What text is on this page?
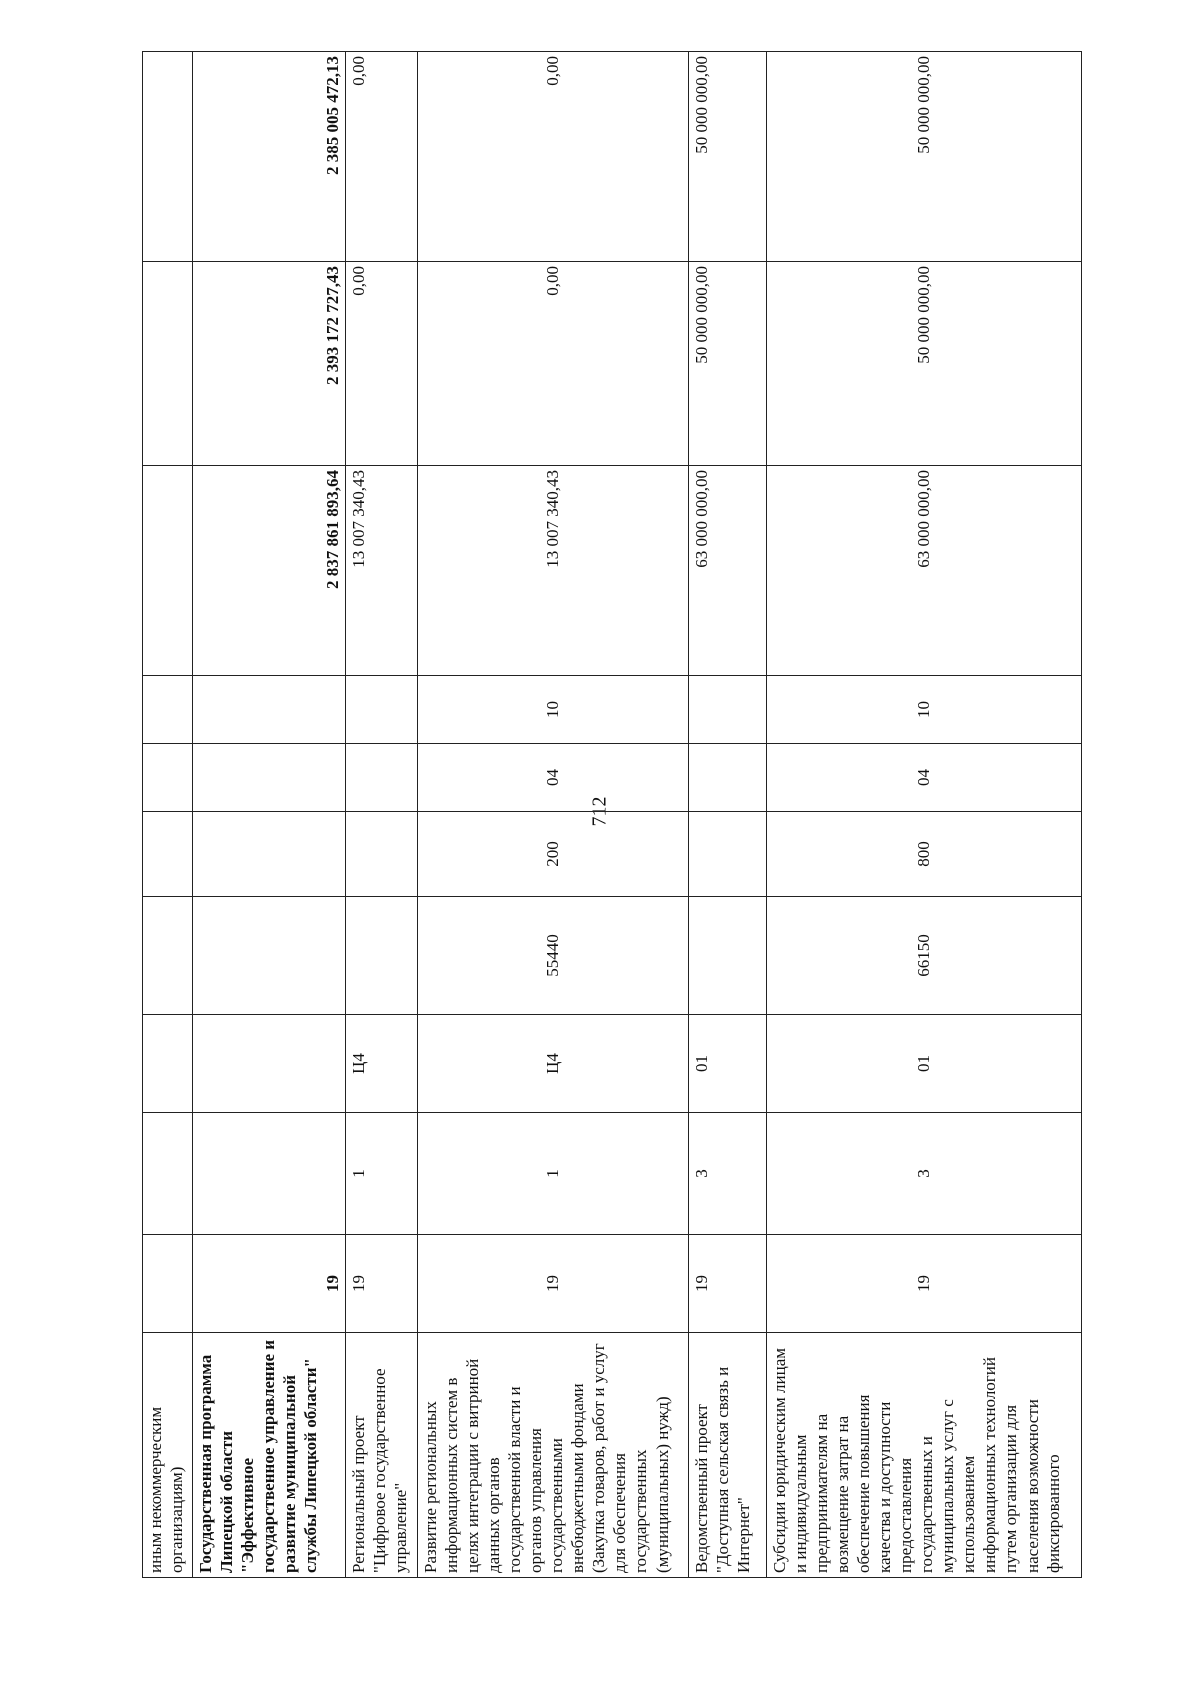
712
иным некоммерческим организациям)										
Государственная программа Липецкой области "Эффективное государственное управление и развитие муниципальной службы Липецкой области"	19							2 837 861 893,64	2 393 172 727,43	2 385 005 472,13
Региональный проект "Цифровое государственное управление"	19	1	Ц4					13 007 340,43	0,00	0,00
Развитие региональных информационных систем в целях интеграции с витриной данных органов государственной власти и органов управления государственными внебюджетными фондами (Закупка товаров, работ и услуг для обеспечения государственных (муниципальных) нужд)	19	1	Ц4	55440	200	04	10	13 007 340,43	0,00	0,00
Ведомственный проект "Доступная сельская связь и Интернет"	19	3	01					63 000 000,00	50 000 000,00	50 000 000,00
Субсидии юридическим лицам и индивидуальным предпринимателям на возмещение затрат на обеспечение повышения качества и доступности предоставления государственных и муниципальных услуг с использованием информационных технологий путем организации для населения возможности фиксированного	19	3	01	66150	800	04	10	63 000 000,00	50 000 000,00	50 000 000,00
